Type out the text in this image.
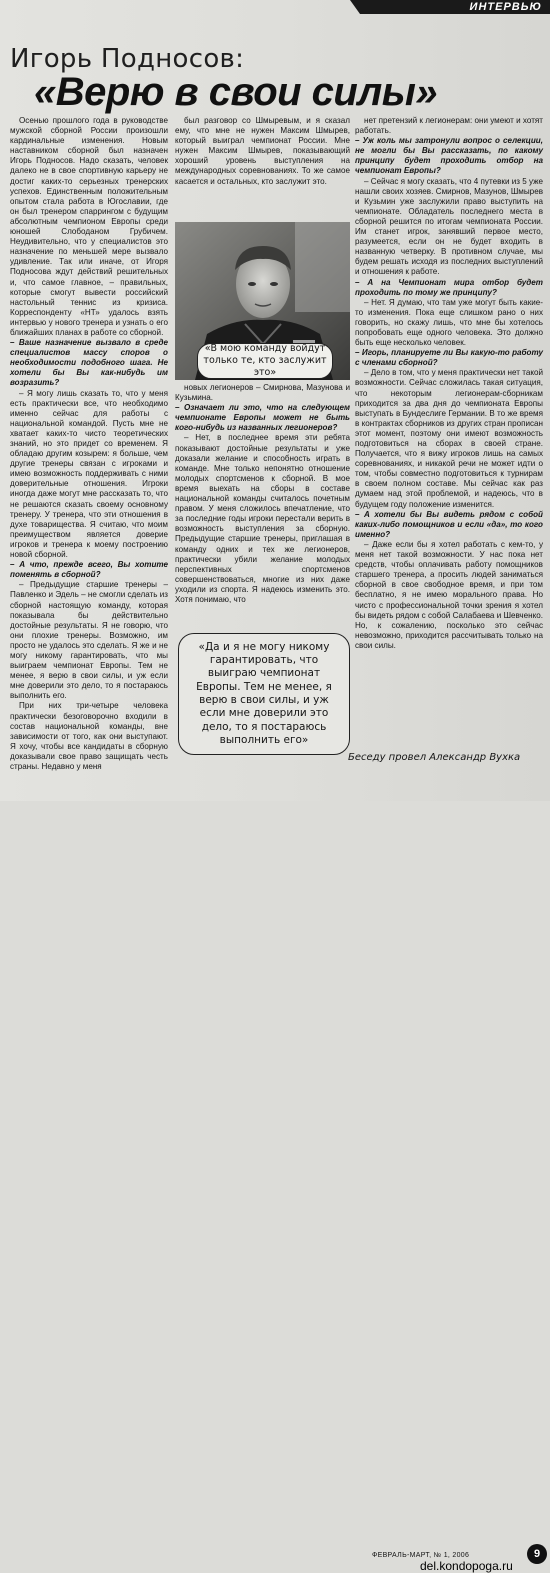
ИНТЕРВЬЮ
Игорь Подносов:
«Верю в свои силы»

Осенью прошлого года в руководстве мужской сборной России произошли кардинальные изменения. Новым наставником сборной был назначен Игорь Подносов. Надо сказать, человек далеко не в свое спортивную карьеру не достиг каких-то серьезных тренерских успехов. Единственным положительным опытом стала работа в Югославии, где он был тренером спаррингом с будущим абсолютным чемпионом Европы среди юношей Слободаном Грубичем. Неудивительно, что у специалистов это назначение по меньшей мере вызвало удивление. Так или иначе, от Игоря Подносова ждут действий решительных и, что самое главное, – правильных, которые смогут вывести российский настольный теннис из кризиса. Корреспонденту «НТ» удалось взять интервью у нового тренера и узнать о его ближайших планах в работе со сборной.

– Ваше назначение вызвало в среде специалистов массу споров о необходимости подобного шага. Не хотели бы Вы как-нибудь им возразить?

– Я могу лишь сказать то, что у меня есть практически все, что необходимо именно сейчас для работы с национальной командой. Пусть мне не хватает каких-то чисто теоретических знаний, но это придет со временем. Я обладаю другим козырем: я больше, чем другие тренеры связан с игроками и имею возможность поддерживать с ними доверительные отношения. Игроки иногда даже могут мне рассказать то, что не решаются сказать своему основному тренеру. У тренера, что эти отношения в духе товарищества. Я считаю, что моим преимуществом является доверие игроков и тренера к моему построению новой сборной.

– А что, прежде всего, Вы хотите поменять в сборной?

– Предыдущие старшие тренеры – Павленко и Эдель – не смогли сделать из сборной настоящую команду, которая показывала бы действительно достойные результаты. Я не говорю, что они плохие тренеры. Возможно, им просто не удалось это сделать. Я же и не могу никому гарантировать, что мы выиграем чемпионат Европы. Тем не менее, я верю в свои силы, и уж если мне доверили это дело, то я постараюсь выполнить его.

При них три-четыре человека практически безоговорочно входили в состав национальной команды, вне зависимости от того, как они выступают. Я хочу, чтобы все кандидаты в сборную доказывали свое право защищать честь страны. Недавно у меня

был разговор со Шмыревым, и я сказал ему, что мне не нужен Максим Шмырев, который выиграл чемпионат России. Мне нужен Максим Шмырев, показывающий хороший уровень выступления на международных соревнованиях. То же самое касается и остальных, кто заслужит это.

«В мою команду войдут только те, кто заслужит это»

новых легионеров – Смирнова, Мазунова и Кузьмина.

– Означает ли это, что на следующем чемпионате Европы может не быть кого-нибудь из названных легионеров?

– Нет, в последнее время эти ребята показывают достойные результаты и уже доказали желание и способность играть в команде. Мне только непонятно отношение молодых спортсменов к сборной. В мое время выехать на сборы в составе национальной команды считалось почетным правом. У меня сложилось впечатление, что за последние годы игроки перестали верить в возможность выступления за сборную. Предыдущие старшие тренеры, приглашая в команду одних и тех же легионеров, практически убили желание молодых перспективных спортсменов совершенствоваться, многие из них даже уходили из спорта. Я надеюсь изменить это. Хотя понимаю, что

«Да и я не могу никому гарантировать, что выиграю чемпионат Европы. Тем не менее, я верю в свои силы, и уж если мне доверили это дело, то я постараюсь выполнить его»

нет претензий к легионерам: они умеют и хотят работать.

– Уж коль мы затронули вопрос о селекции, не могли бы Вы рассказать, по какому принципу будет проходить отбор на чемпионат Европы?

– Сейчас я могу сказать, что 4 путевки из 5 уже нашли своих хозяев. Смирнов, Мазунов, Шмырев и Кузьмин уже заслужили право выступить на чемпионате. Обладатель последнего места в сборной решится по итогам чемпионата России. Им станет игрок, занявший первое место, разумеется, если он не будет входить в названную четверку. В противном случае, мы будем решать исходя из последних выступлений и отношения к работе.

– А на Чемпионат мира отбор будет проходить по тому же принципу?

– Нет. Я думаю, что там уже могут быть какие-то изменения. Пока еще слишком рано о них говорить, но скажу лишь, что мне бы хотелось попробовать еще одного человека. Это должно быть еще несколько человек.

– Игорь, планируете ли Вы какую-то работу с членами сборной?

– Дело в том, что у меня практически нет такой возможности. Сейчас сложилась такая ситуация, что некоторым легионерам-сборникам приходится за два дня до чемпионата Европы выступать в Бундеслиге Германии. В то же время в контрактах сборников из других стран прописан этот момент, поэтому они имеют возможность подготовиться на сборах в своей стране. Получается, что я вижу игроков лишь на самых соревнованиях, и никакой речи не может идти о том, чтобы совместно подготовиться к турнирам в своем полном составе. Мы сейчас как раз думаем над этой проблемой, и надеюсь, что в будущем году положение изменится.

– А хотели бы Вы видеть рядом с собой каких-либо помощников и если «да», то кого именно?

– Даже если бы я хотел работать с кем-то, у меня нет такой возможности. У нас пока нет средств, чтобы оплачивать работу помощников старшего тренера, а просить людей заниматься сборной в свое свободное время, и при том бесплатно, я не имею морального права. Но чисто с профессиональной точки зрения я хотел бы видеть рядом с собой Салабаева и Шевченко. Но, к сожалению, посколько это сейчас невозможно, приходится рассчитывать только на свои силы.

Беседу провел Александр Вухка
ФЕВРАЛЬ-МАРТ, № 1, 2006	9
del.kondopoga.ru
